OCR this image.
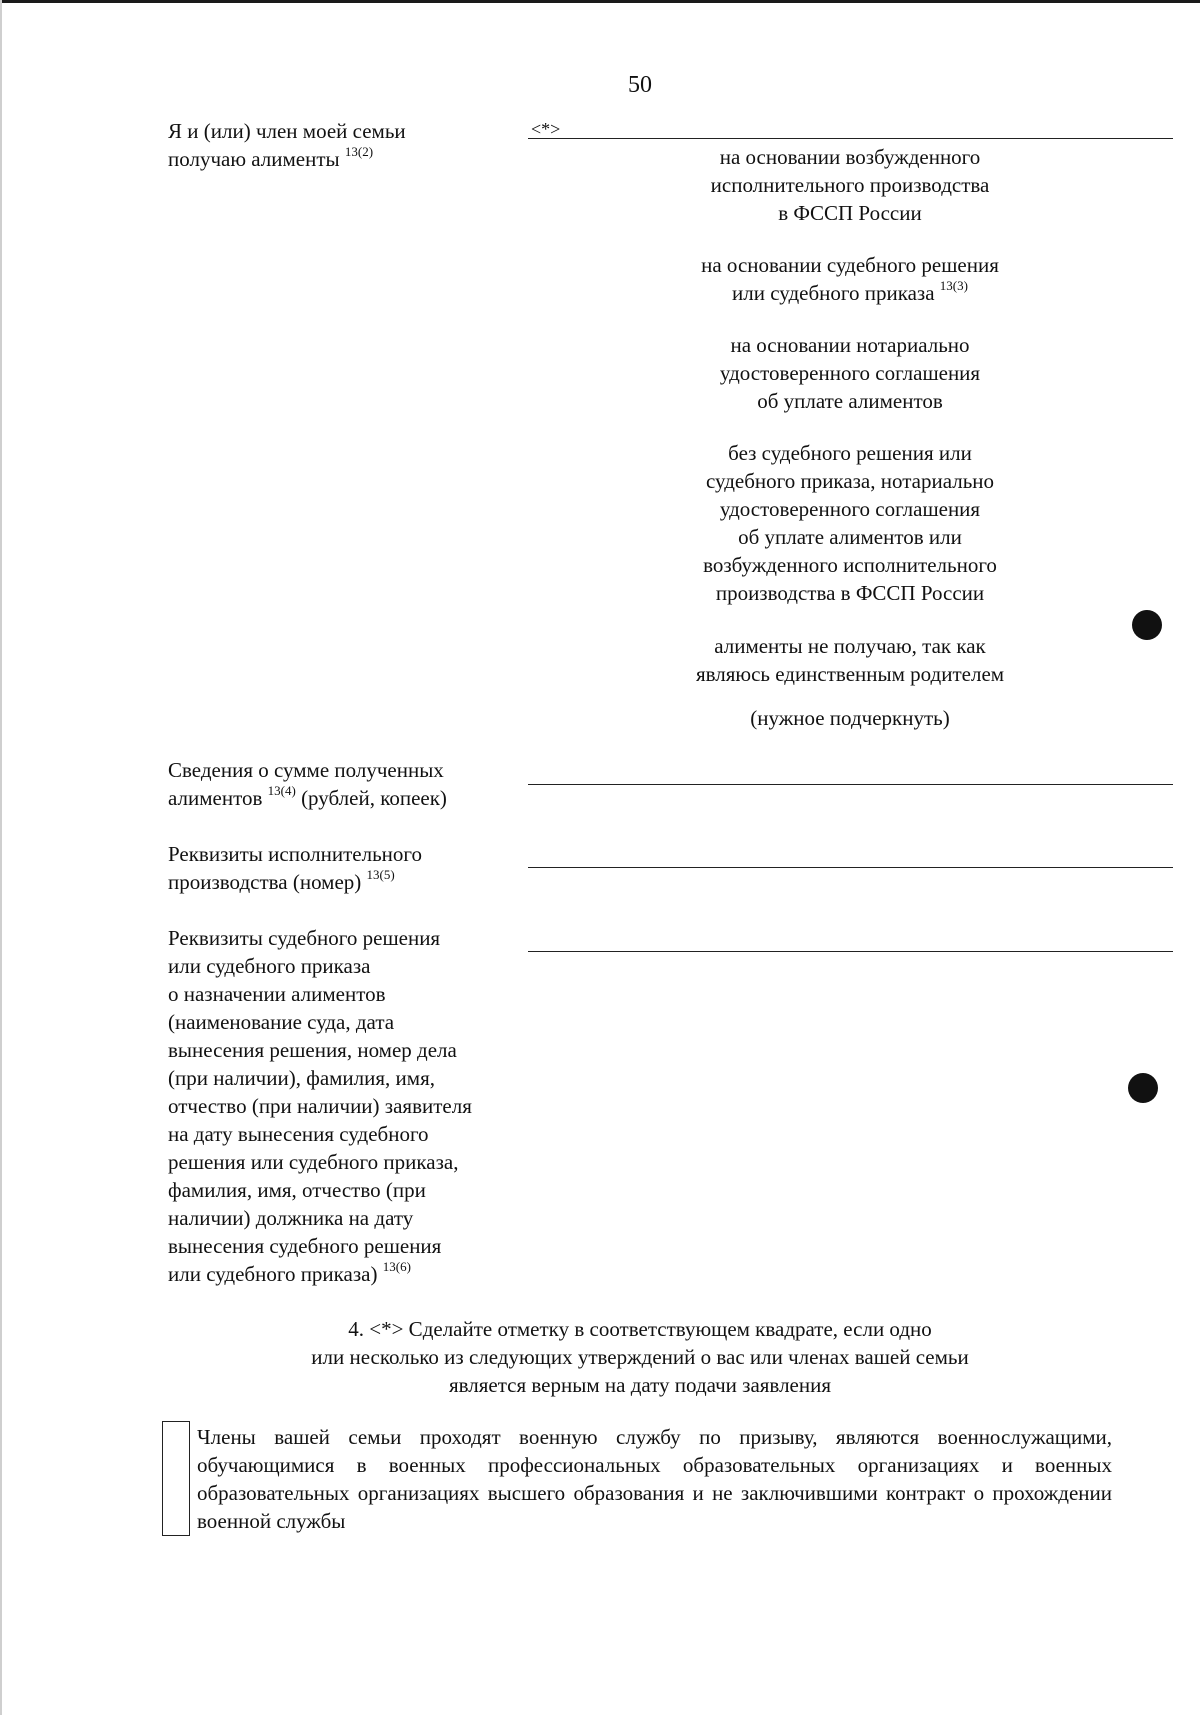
50
Я и (или) член моей семьи
получаю алименты $^{13(2)}$
<*>
на основании возбужденного
исполнительного производства
в ФССП России
на основании судебного решения
или судебного приказа $^{13(3)}$
на основании нотариально
удостоверенного соглашения
об уплате алиментов
без судебного решения или
судебного приказа, нотариально
удостоверенного соглашения
об уплате алиментов или
возбужденного исполнительного
производства в ФССП России
алименты не получаю, так как
являюсь единственным родителем
(нужное подчеркнуть)
Сведения о сумме полученных
алиментов $^{13(4)}$ (рублей, копеек)
Реквизиты исполнительного
производства (номер) $^{13(5)}$
Реквизиты судебного решения
или судебного приказа
о назначении алиментов
(наименование суда, дата
вынесения решения, номер дела
(при наличии), фамилия, имя,
отчество (при наличии) заявителя
на дату вынесения судебного
решения или судебного приказа,
фамилия, имя, отчество (при
наличии) должника на дату
вынесения судебного решения
или судебного приказа) $^{13(6)}$
4. <*> Сделайте отметку в соответствующем квадрате, если одно
или несколько из следующих утверждений о вас или членах вашей семьи
является верным на дату подачи заявления
Члены вашей семьи проходят военную службу по призыву, являются военнослужащими, обучающимися в военных профессиональных образовательных организациях и военных образовательных организациях высшего образования и не заключившими контракт о прохождении военной службы
